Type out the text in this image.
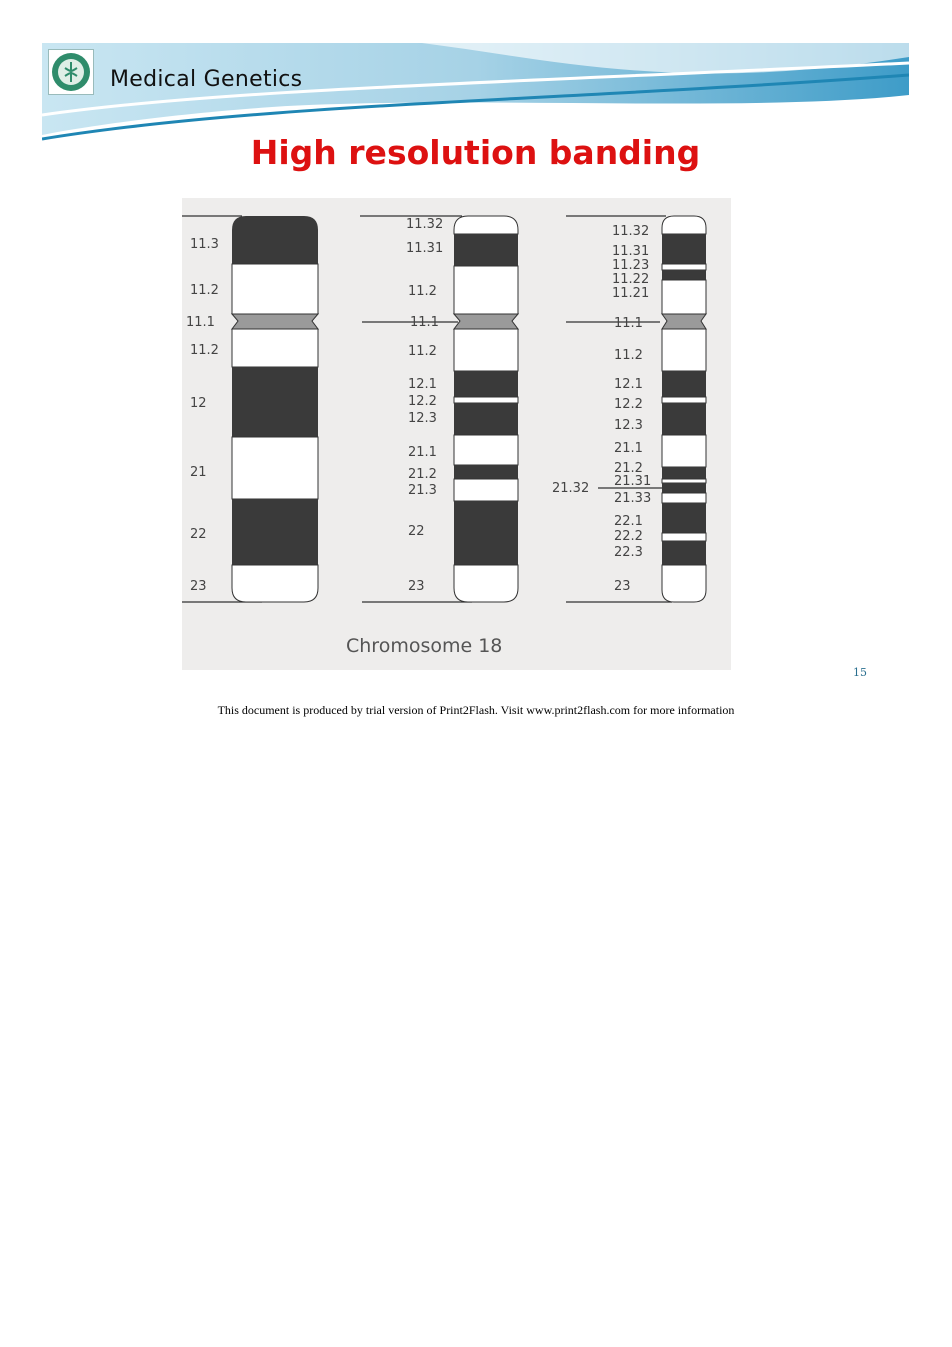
Medical Genetics
High resolution banding
11.3
11.2
11.1
11.2
12
21
22
23
11.32
11.31
11.2
11.1
11.2
12.1
12.2
12.3
21.1
21.2
21.3
22
23
11.32
11.31
11.23
11.22
11.21
11.1
11.2
12.1
12.2
12.3
21.1
21.2
21.31
21.32
21.33
22.1
22.2
22.3
23
Chromosome 18
15
This document is produced by trial version of Print2Flash. Visit www.print2flash.com for more information
